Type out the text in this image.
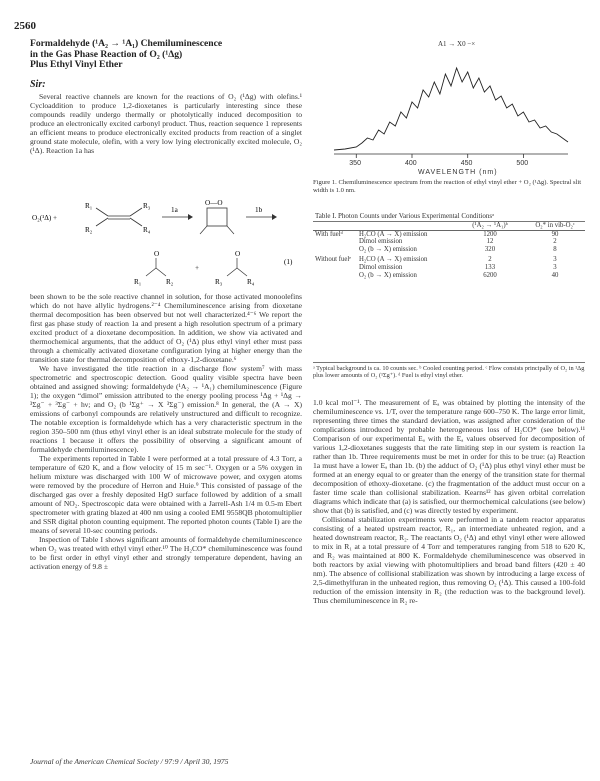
2560
Formaldehyde (¹A₂ → ¹A₁) Chemiluminescence
in the Gas Phase Reaction of O₂ (¹Δg)
Plus Ethyl Vinyl Ether
Sir:
Several reactive channels are known for the reactions of O₂ (¹Δg) with olefins.¹ Cycloaddition to produce 1,2-dioxetanes is particularly interesting since these compounds readily undergo thermally or photolytically induced decomposition to produce an electronically excited carbonyl product. Thus, reaction sequence 1 represents an efficient means to produce electronically excited products from reaction of a singlet ground state molecule, olefin, with a very low lying electronically excited molecule, O₂ (¹Δ). Reaction 1a has
O₂(¹Δ) +
R₁
R₂
R₃
R₄
1a
O—O
1b
O
R₁	R₂
+
O
R₃	R₄
(1)

been shown to be the sole reactive channel in solution, for those activated monoolefins which do not have allylic hydrogens.²⁻⁴ Chemiluminescence arising from dioxetane thermal decomposition has been observed but not well characterized.⁴⁻⁶ We report the first gas phase study of reaction 1a and present a high resolution spectrum of a primary excited product of a dioxetane decomposition. In addition, we show via activated and thermochemical arguments, that the adduct of O₂ (¹Δ) plus ethyl vinyl ether must pass through a chemically activated dioxetane configuration lying at higher energy than the transition state for thermal decomposition of ethoxy-1,2-dioxetane.⁶

We have investigated the title reaction in a discharge flow system⁷ with mass spectrometric and spectroscopic detection. Good quality visible spectra have been obtained and assigned showing: formaldehyde (¹A₂ → ¹A₁) chemiluminescence (Figure 1); the oxygen “dimol” emission attributed to the energy pooling process ¹Δg + ¹Δg → ³Σg⁻ + ³Σg⁻ + hν; and O₂ (b ¹Σg⁺ → X ³Σg⁻) emission.⁸ In general, the (A → X) emissions of carbonyl compounds are relatively unstructured and difficult to recognize. The notable exception is formaldehyde which has a very characteristic spectrum in the region 350–500 nm (thus ethyl vinyl ether is an ideal substrate molecule for the study of reactions 1 because it offers the possibility of observing a significant amount of formaldehyde chemiluminescence).

The experiments reported in Table I were performed at a total pressure of 4.3 Torr, a temperature of 620 K, and a flow velocity of 15 m sec⁻¹. Oxygen or a 5% oxygen in helium mixture was discharged with 100 W of microwave power, and oxygen atoms were removed by the procedure of Herron and Huie.⁹ This consisted of passage of the discharged gas over a freshly deposited HgO surface followed by addition of a small amount of NO₂. Spectroscopic data were obtained with a Jarrell-Ash 1/4 m 0.5-m Ebert spectrometer with grating blazed at 400 nm using a cooled EMI 9558QB photomultiplier and SSR digital photon counting equipment. The reported photon counts (Table I) are the means of several 10-sec counting periods.

Inspection of Table I shows significant amounts of formaldehyde chemiluminescence when O₂ was treated with ethyl vinyl ether.¹⁰ The H₂CO* chemiluminescence was found to be first order in ethyl vinyl ether and strongly temperature dependent, having an activation energy of 9.8 ±

A1 → X0 −×
350	400	450	500
WAVELENGTH (nm)
Figure 1. Chemiluminescence spectrum from the reaction of ethyl vinyl ether + O₂ (¹Δg). Spectral slit width is 1.0 nm.
Table I. Photon Counts under Various Experimental Conditionsᵃ
		(¹A₂ → ¹A₁)ᵇ	O₂* in vib-O₂ᶜ
With fuelᵈ	H₂CO (A → X) emission	1200	90
	Dimol emission	12	2
	O₂ (b → X) emission	320	8
Without fuelᵉ	H₂CO (A → X) emission	2	3
	Dimol emission	133	3
	O₂ (b → X) emission	6200	40
ᵃ Typical background is ca. 10 counts sec. ᵇ Cooled counting period. ᶜ Flow consists principally of O₂ in ¹Δg plus lower amounts of O₂ (¹Σg⁺). ᵈ Fuel is ethyl vinyl ether.

1.0 kcal mol⁻¹. The measurement of Eₐ was obtained by plotting the intensity of the chemiluminescence vs. 1/T, over the temperature range 600–750 K. The large error limit, representing three times the standard deviation, was assigned after consideration of the complications introduced by probable heterogeneous loss of H₂CO* (see below).¹¹ Comparison of our experimental Eₐ with the Eₐ values observed for decomposition of various 1,2-dioxetanes suggests that the rate limiting step in our system is reaction 1a rather than 1b. Three requirements must be met in order for this to be true: (a) Reaction 1a must have a lower Eₐ than 1b. (b) the adduct of O₂ (¹Δ) plus ethyl vinyl ether must be formed at an energy equal to or greater than the energy of the transition state for thermal decomposition of ethoxy-dioxetane. (c) the fragmentation of the adduct must occur on a faster time scale than collisional stabilization. Kearns¹² has given orbital correlation diagrams which indicate that (a) is satisfied, our thermochemical calculations (see below) show that (b) is satisfied, and (c) was directly tested by experiment.

Collisional stabilization experiments were performed in a tandem reactor apparatus consisting of a heated upstream reactor, R₁, an intermediate unheated region, and a heated downstream reactor, R₂. The reactants O₂ (¹Δ) and ethyl vinyl ether were allowed to mix in R₁ at a total pressure of 4 Torr and temperatures ranging from 518 to 620 K, and R₂ was maintained at 800 K. Formaldehyde chemiluminescence was observed in both reactors by axial viewing with photomultipliers and broad band filters (420 ± 40 nm). The absence of collisional stabilization was shown by introducing a large excess of 2,5-dimethylfuran in the unheated region, thus removing O₂ (¹Δ). This caused a 100-fold reduction of the emission intensity in R₂ (the reduction was to the background level). Thus chemiluminescence in R₂ re-

Journal of the American Chemical Society / 97:9 / April 30, 1975
